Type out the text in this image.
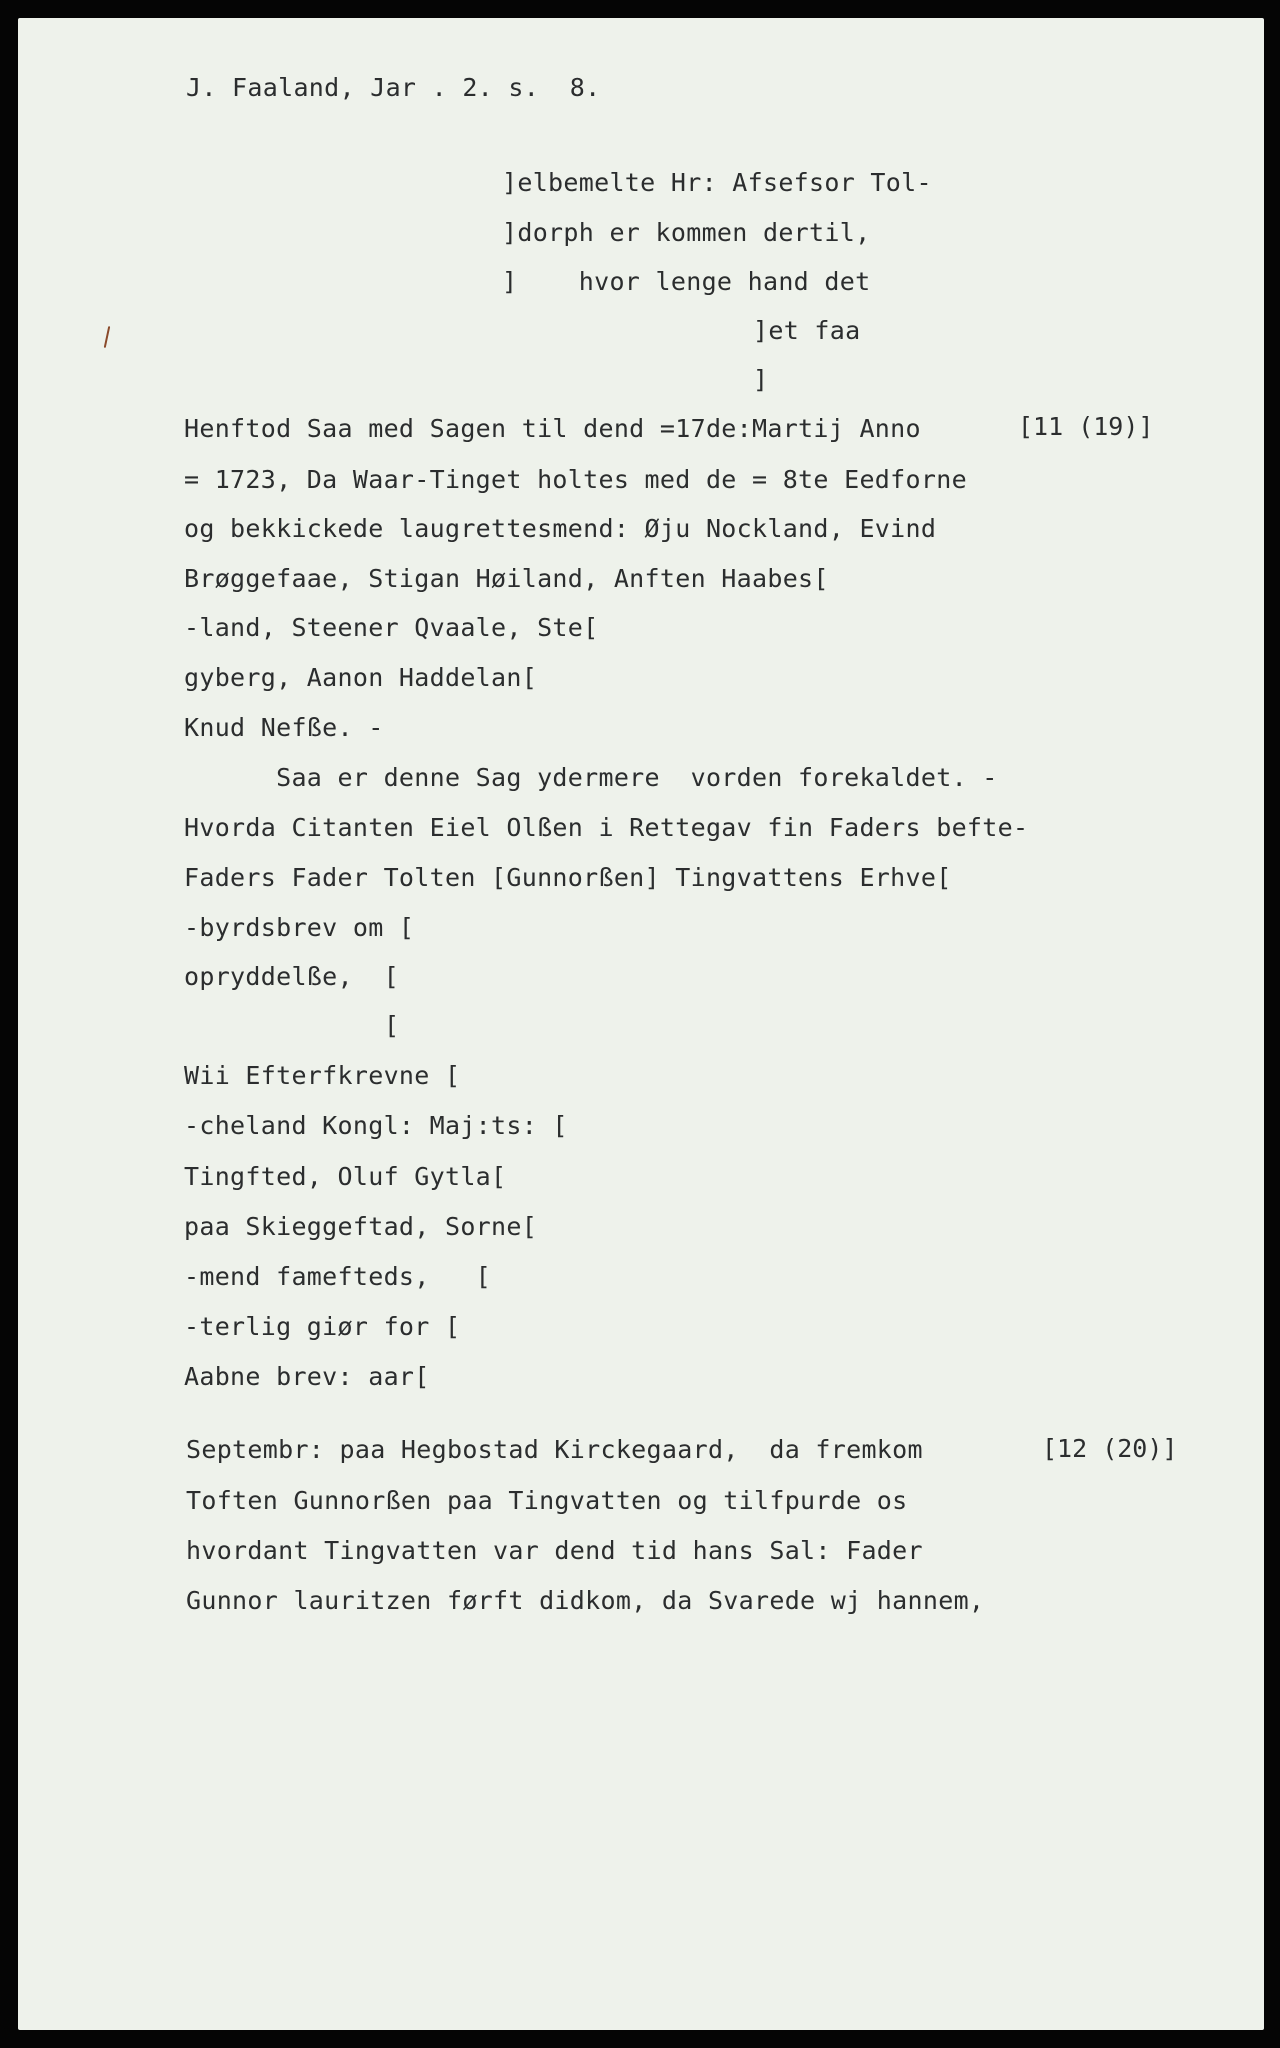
J. Faaland, Jar . 2. s.  8.
]elbemelte Hr: Afsefsor Tol-
]dorph er kommen dertil,
]    hvor lenge hand det
]et faa
]
Henftod Saa med Sagen til dend =17de:Martij Anno	[11 (19)]
= 1723, Da Waar-Tinget holtes med de = 8te Eedforne
og bekkickede laugrettesmend: Øju Nockland, Evind
Brøggefaae, Stigan Høiland, Anften Haabes[
-land, Steener Qvaale, Ste[
gyberg, Aanon Haddelan[
Knud Nefße. -
Saa er denne Sag ydermere  vorden forekaldet. -
Hvorda Citanten Eiel Olßen i Rettegav fin Faders befte-
Faders Fader Tolten [Gunnorßen] Tingvattens Erhve[
-byrdsbrev om [
opryddelße,  [
[
Wii Efterfkrevne [
-cheland Kongl: Maj:ts: [
Tingfted, Oluf Gytla[
paa Skieggeftad, Sorne[
-mend famefteds,   [
-terlig giør for [
Aabne brev: aar[
Septembr: paa Hegbostad Kirckegaard,  da fremkom	[12 (20)]
Toften Gunnorßen paa Tingvatten og tilfpurde os
hvordant Tingvatten var dend tid hans Sal: Fader
Gunnor lauritzen førft didkom, da Svarede wj hannem,
